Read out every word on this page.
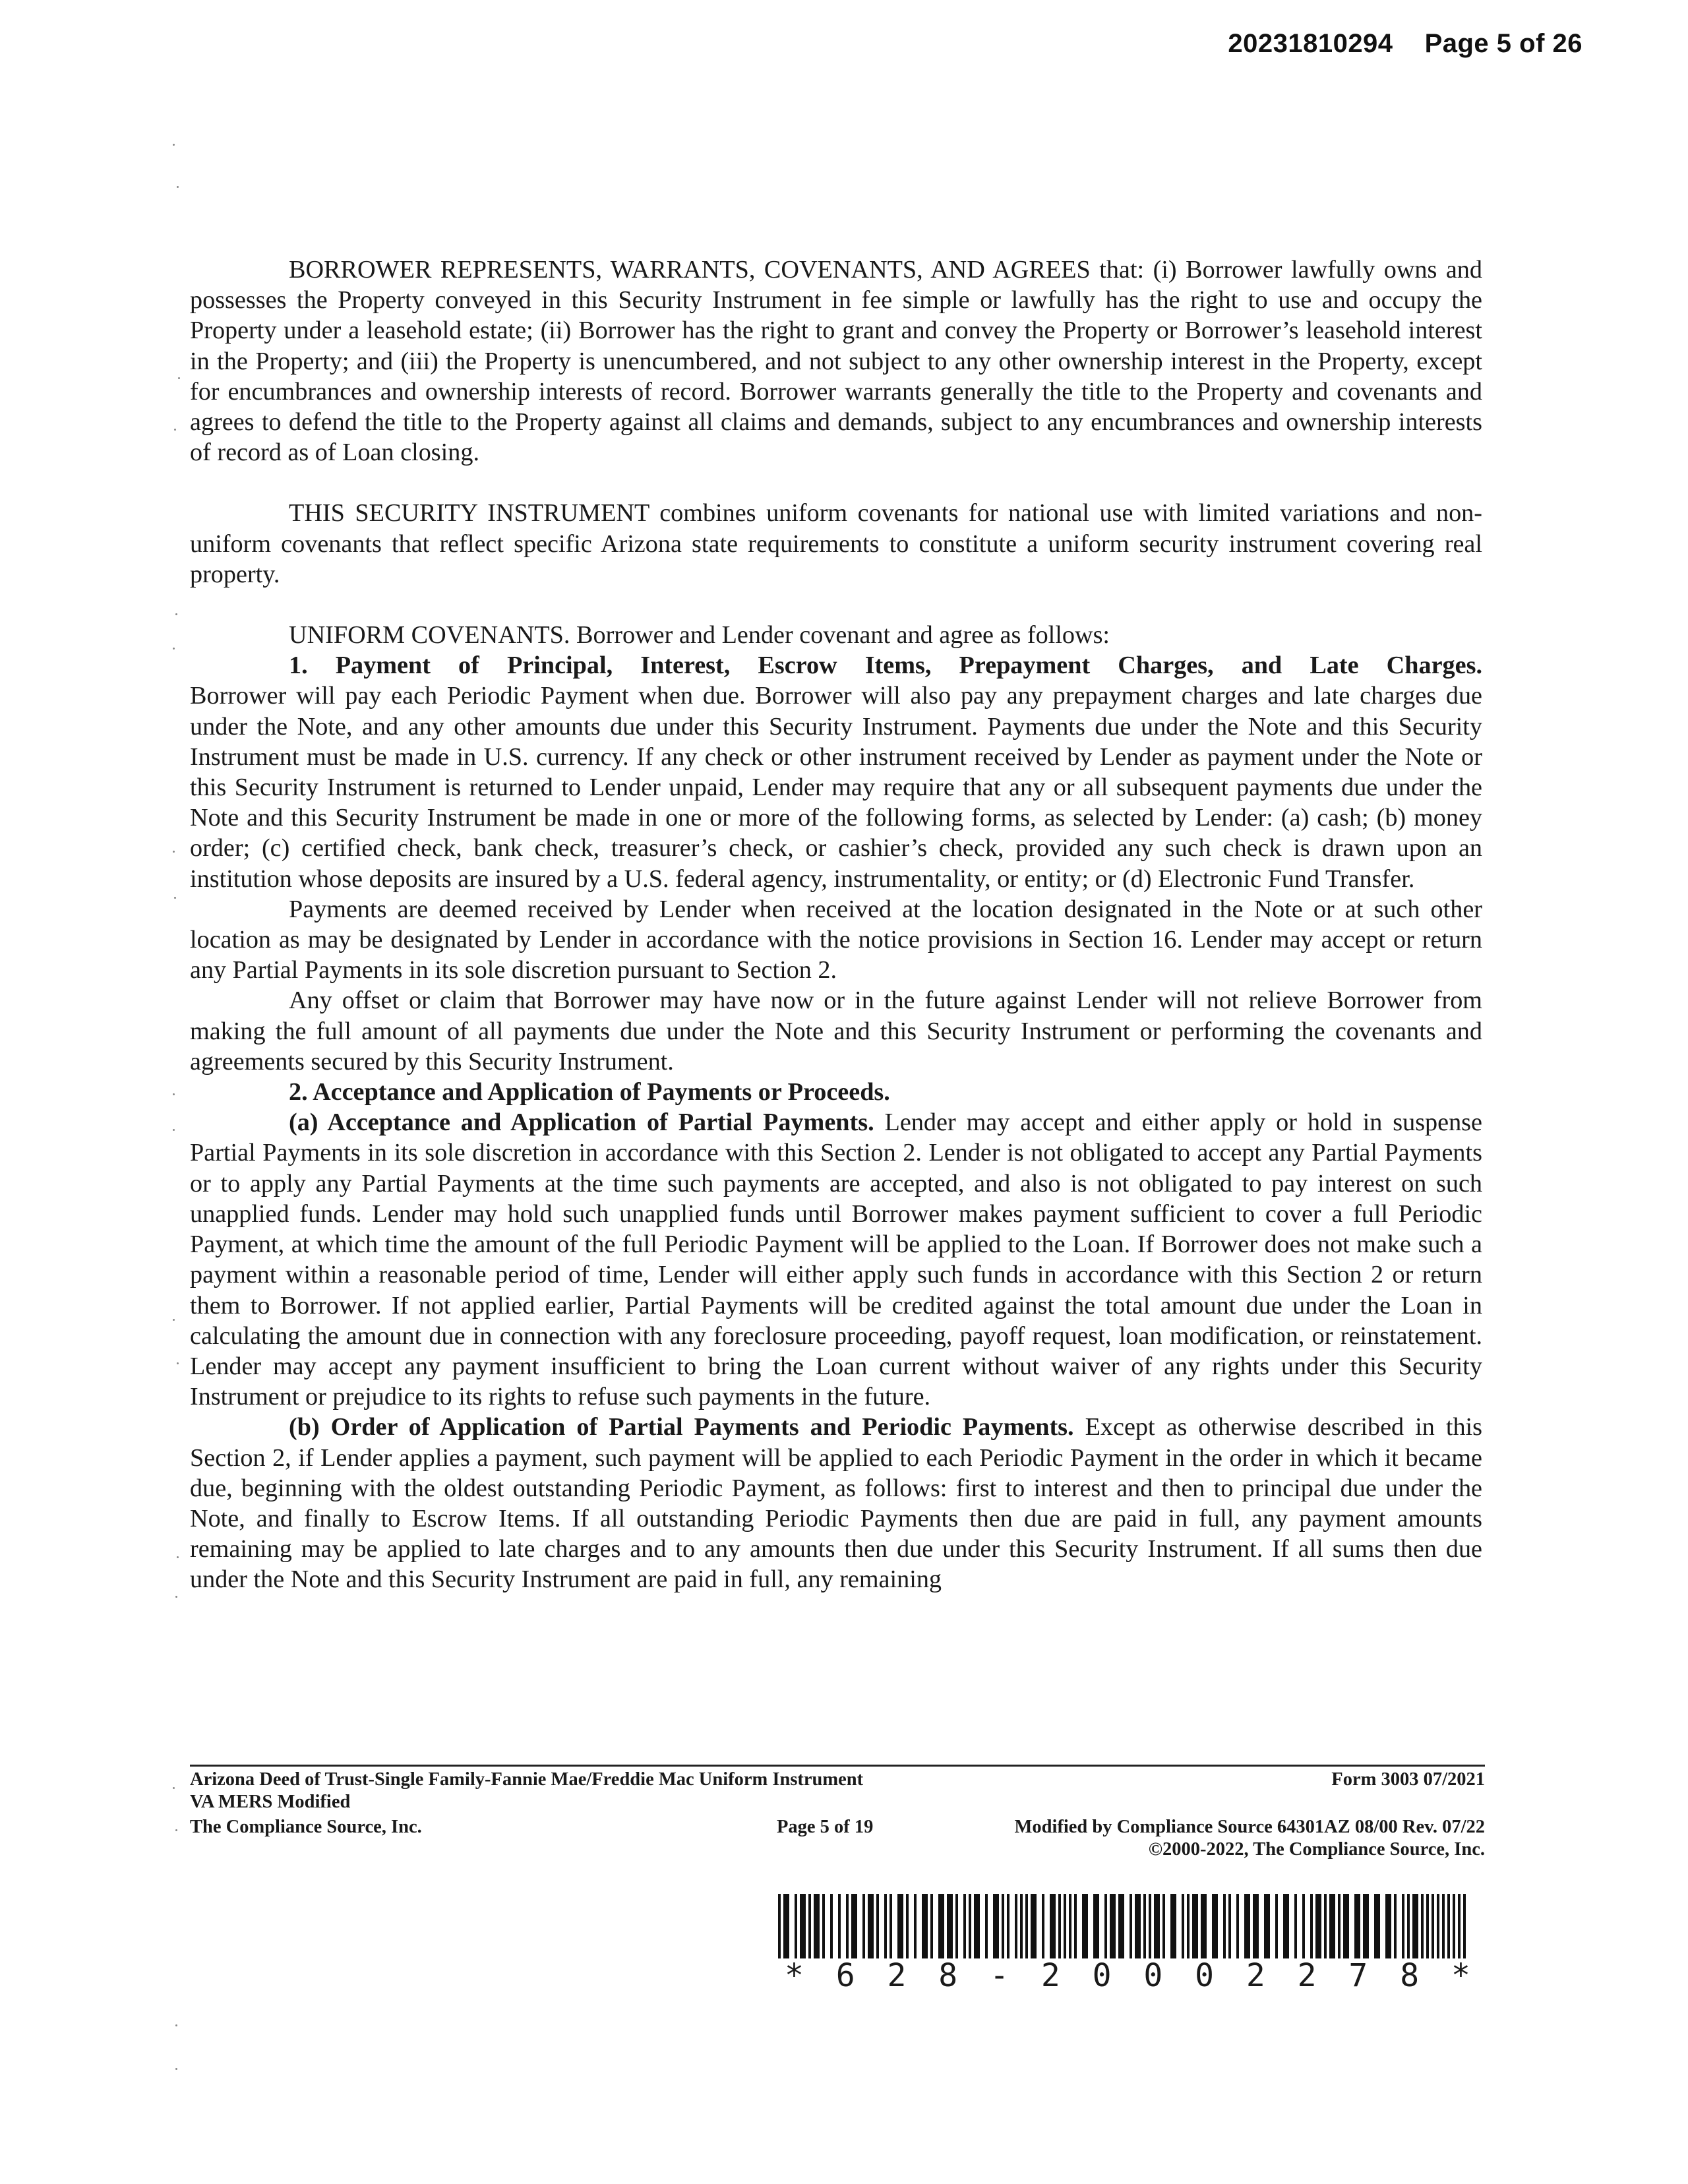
20231810294 Page 5 of 26

BORROWER REPRESENTS, WARRANTS, COVENANTS, AND AGREES that: (i) Borrower lawfully owns and possesses the Property conveyed in this Security Instrument in fee simple or lawfully has the right to use and occupy the Property under a leasehold estate; (ii) Borrower has the right to grant and convey the Property or Borrower’s leasehold interest in the Property; and (iii) the Property is unencumbered, and not subject to any other ownership interest in the Property, except for encumbrances and ownership interests of record. Borrower warrants generally the title to the Property and covenants and agrees to defend the title to the Property against all claims and demands, subject to any encumbrances and ownership interests of record as of Loan closing.

THIS SECURITY INSTRUMENT combines uniform covenants for national use with limited variations and non-uniform covenants that reflect specific Arizona state requirements to constitute a uniform security instrument covering real property.

UNIFORM COVENANTS. Borrower and Lender covenant and agree as follows:

1. Payment of Principal, Interest, Escrow Items, Prepayment Charges, and Late Charges.

Borrower will pay each Periodic Payment when due. Borrower will also pay any prepayment charges and late charges due under the Note, and any other amounts due under this Security Instrument. Payments due under the Note and this Security Instrument must be made in U.S. currency. If any check or other instrument received by Lender as payment under the Note or this Security Instrument is returned to Lender unpaid, Lender may require that any or all subsequent payments due under the Note and this Security Instrument be made in one or more of the following forms, as selected by Lender: (a) cash; (b) money order; (c) certified check, bank check, treasurer’s check, or cashier’s check, provided any such check is drawn upon an institution whose deposits are insured by a U.S. federal agency, instrumentality, or entity; or (d) Electronic Fund Transfer.

Payments are deemed received by Lender when received at the location designated in the Note or at such other location as may be designated by Lender in accordance with the notice provisions in Section 16. Lender may accept or return any Partial Payments in its sole discretion pursuant to Section 2.

Any offset or claim that Borrower may have now or in the future against Lender will not relieve Borrower from making the full amount of all payments due under the Note and this Security Instrument or performing the covenants and agreements secured by this Security Instrument.

2. Acceptance and Application of Payments or Proceeds.

(a) Acceptance and Application of Partial Payments. Lender may accept and either apply or hold in suspense Partial Payments in its sole discretion in accordance with this Section 2. Lender is not obligated to accept any Partial Payments or to apply any Partial Payments at the time such payments are accepted, and also is not obligated to pay interest on such unapplied funds. Lender may hold such unapplied funds until Borrower makes payment sufficient to cover a full Periodic Payment, at which time the amount of the full Periodic Payment will be applied to the Loan. If Borrower does not make such a payment within a reasonable period of time, Lender will either apply such funds in accordance with this Section 2 or return them to Borrower. If not applied earlier, Partial Payments will be credited against the total amount due under the Loan in calculating the amount due in connection with any foreclosure proceeding, payoff request, loan modification, or reinstatement. Lender may accept any payment insufficient to bring the Loan current without waiver of any rights under this Security Instrument or prejudice to its rights to refuse such payments in the future.

(b) Order of Application of Partial Payments and Periodic Payments. Except as otherwise described in this Section 2, if Lender applies a payment, such payment will be applied to each Periodic Payment in the order in which it became due, beginning with the oldest outstanding Periodic Payment, as follows: first to interest and then to principal due under the Note, and finally to Escrow Items. If all outstanding Periodic Payments then due are paid in full, any payment amounts remaining may be applied to late charges and to any amounts then due under this Security Instrument. If all sums then due under the Note and this Security Instrument are paid in full, any remaining

Arizona Deed of Trust-Single Family-Fannie Mae/Freddie Mac Uniform Instrument	Form 3003 07/2021
VA MERS Modified
The Compliance Source, Inc.	Page 5 of 19	Modified by Compliance Source 64301AZ 08/00 Rev. 07/22
©2000-2022, The Compliance Source, Inc.
* 6 2 8 - 2 0 0 0 2 2 7 8 *
